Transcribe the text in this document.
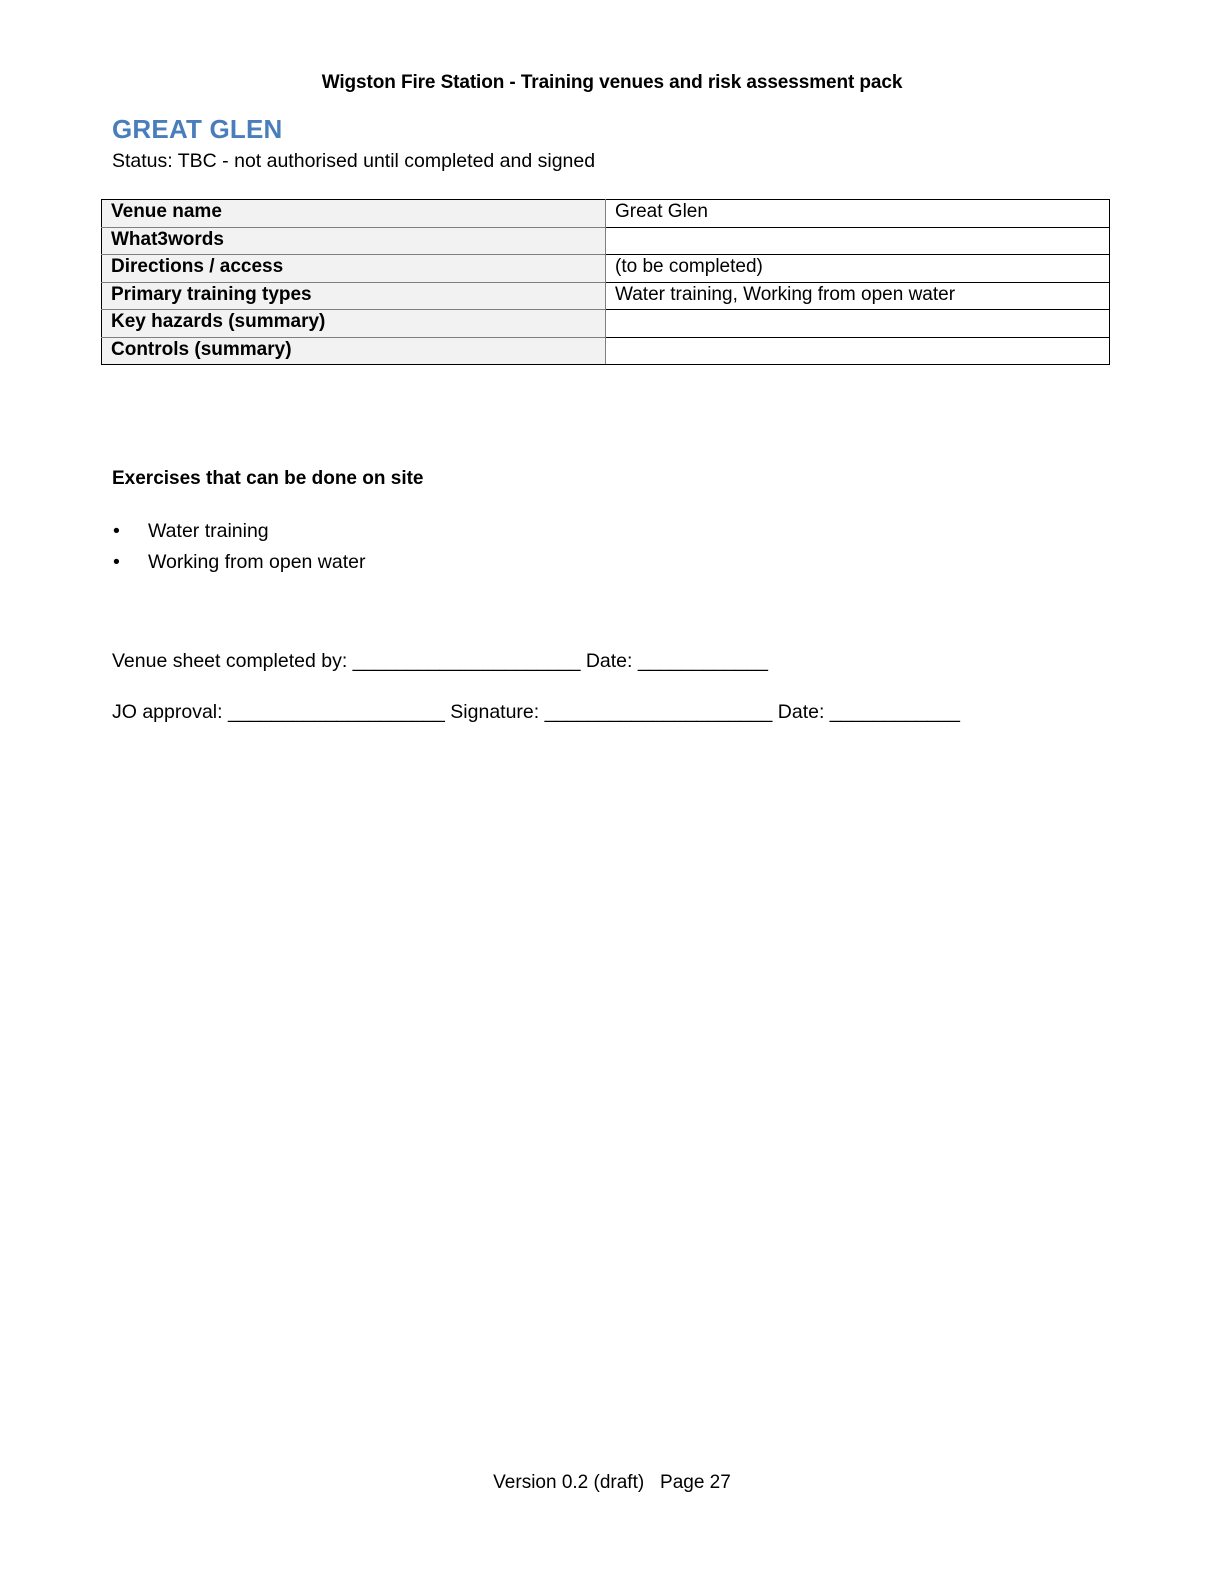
Wigston Fire Station - Training venues and risk assessment pack
GREAT GLEN
Status: TBC - not authorised until completed and signed
Venue name	Great Glen
What3words	
Directions / access	(to be completed)
Primary training types	Water training, Working from open water
Key hazards (summary)	
Controls (summary)	
Exercises that can be done on site
• Water training
• Working from open water
Venue sheet completed by: _____________________ Date: ____________
JO approval: ____________________ Signature: _____________________ Date: ____________
Version 0.2 (draft)   Page 27
